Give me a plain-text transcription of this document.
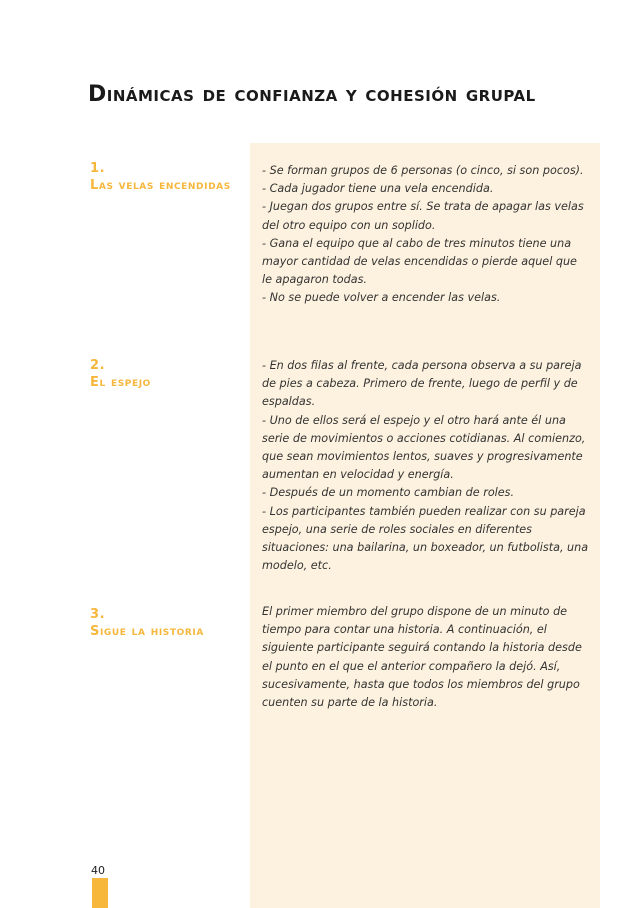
Dinámicas de confianza y cohesión grupal
1.
Las velas encendidas

- Se forman grupos de 6 personas (o cinco, si son pocos).

- Cada jugador tiene una vela encendida.

- Juegan dos grupos entre sí. Se trata de apagar las velas del otro equipo con un soplido.

- Gana el equipo que al cabo de tres minutos tiene una mayor cantidad de velas encendidas o pierde aquel que le apagaron todas.

- No se puede volver a encender las velas.

2.
El espejo

- En dos filas al frente, cada persona observa a su pareja de pies a cabeza. Primero de frente, luego de perfil y de espaldas.

- Uno de ellos será el espejo y el otro hará ante él una serie de movimientos o acciones cotidianas. Al comienzo, que sean movimientos lentos, suaves y progresivamente aumentan en velocidad y energía.

- Después de un momento cambian de roles.

- Los participantes también pueden realizar con su pareja espejo, una serie de roles sociales en diferentes situaciones: una bailarina, un boxeador, un futbolista, una modelo, etc.

3.
Sigue la historia

El primer miembro del grupo dispone de un minuto de tiempo para contar una historia. A continuación, el siguiente participante seguirá contando la historia desde el punto en el que el anterior compañero la dejó. Así, sucesivamente, hasta que todos los miembros del grupo cuenten su parte de la historia.

40
